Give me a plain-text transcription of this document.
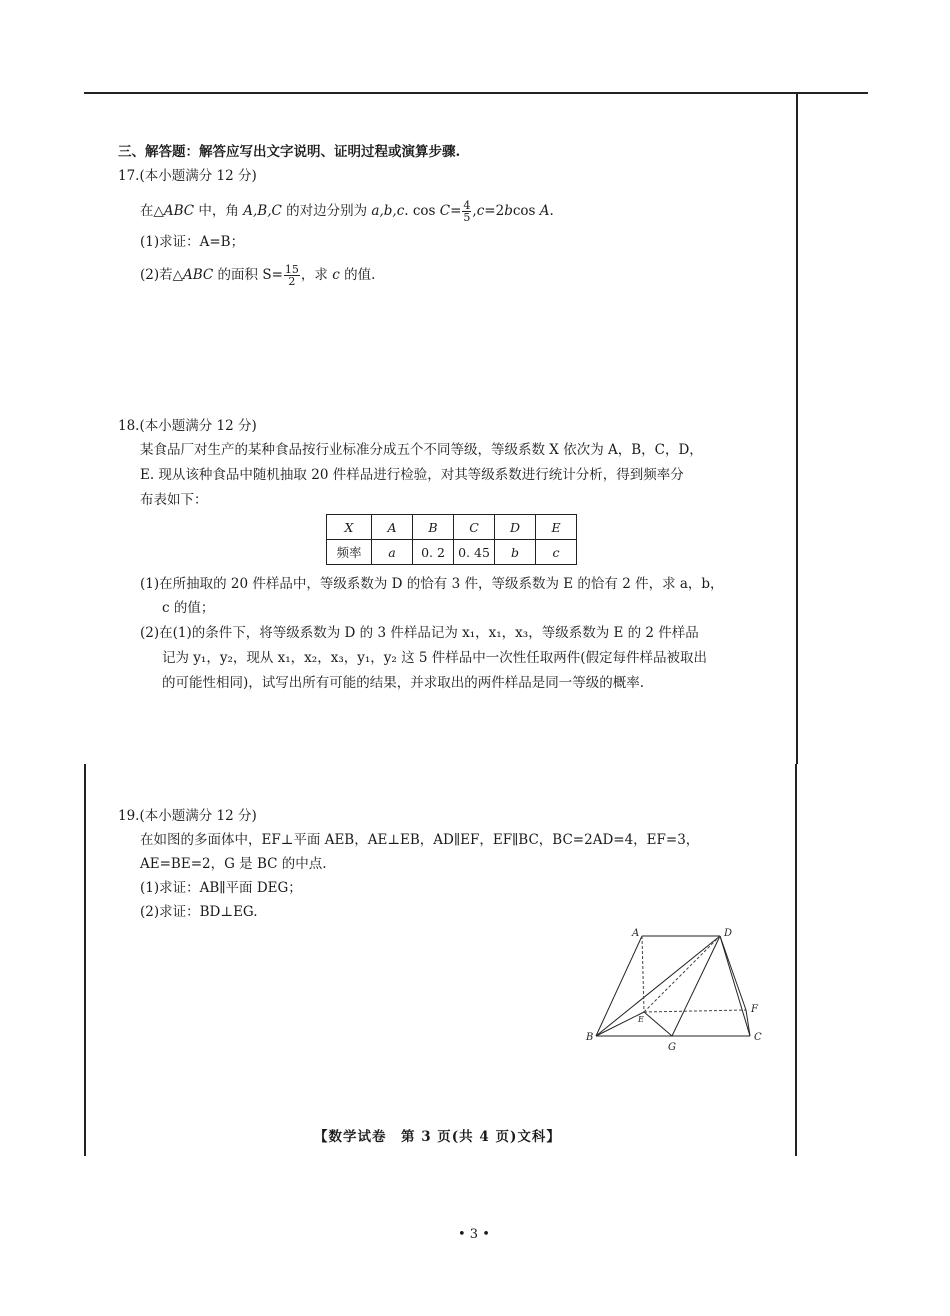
三、解答题：解答应写出文字说明、证明过程或演算步骤.
17.(本小题满分 12 分)
在△ABC 中，角 A,B,C 的对边分别为 a,b,c. $\cos C= \frac{4}{5} ,c=2bcos$ A.
(1)求证：A=B；
(2)若△ABC 的面积 $S= \frac{15}{2}$ ，求 c 的值.
18.(本小题满分 12 分)
某食品厂对生产的某种食品按行业标准分成五个不同等级，等级系数 X 依次为 A，B，C，D，
E. 现从该种食品中随机抽取 20 件样品进行检验，对其等级系数进行统计分析，得到频率分
布表如下：
X	A	B	C	D	E
频率	a	0. 2	0. 45	b	c
(1)在所抽取的 20 件样品中，等级系数为 D 的恰有 3 件，等级系数为 E 的恰有 2 件，求 a，b，
c 的值；
(2)在(1)的条件下，将等级系数为 D 的 3 件样品记为 x₁，x₁，x₃，等级系数为 E 的 2 件样品
记为 y₁，y₂，现从 x₁，x₂，x₃，y₁，y₂ 这 5 件样品中一次性任取两件(假定每件样品被取出
的可能性相同)，试写出所有可能的结果，并求取出的两件样品是同一等级的概率.
19.(本小题满分 12 分)
在如图的多面体中，EF⊥平面 AEB，AE⊥EB，AD∥EF，EF∥BC，BC=2AD=4，EF=3，
AE=BE=2，G 是 BC 的中点.
(1)求证：AB∥平面 DEG；
(2)求证：BD⊥EG.
A	D
B	C
E
F
G
【数学试卷　第 3 页(共 4 页)文科】
• 3 •
